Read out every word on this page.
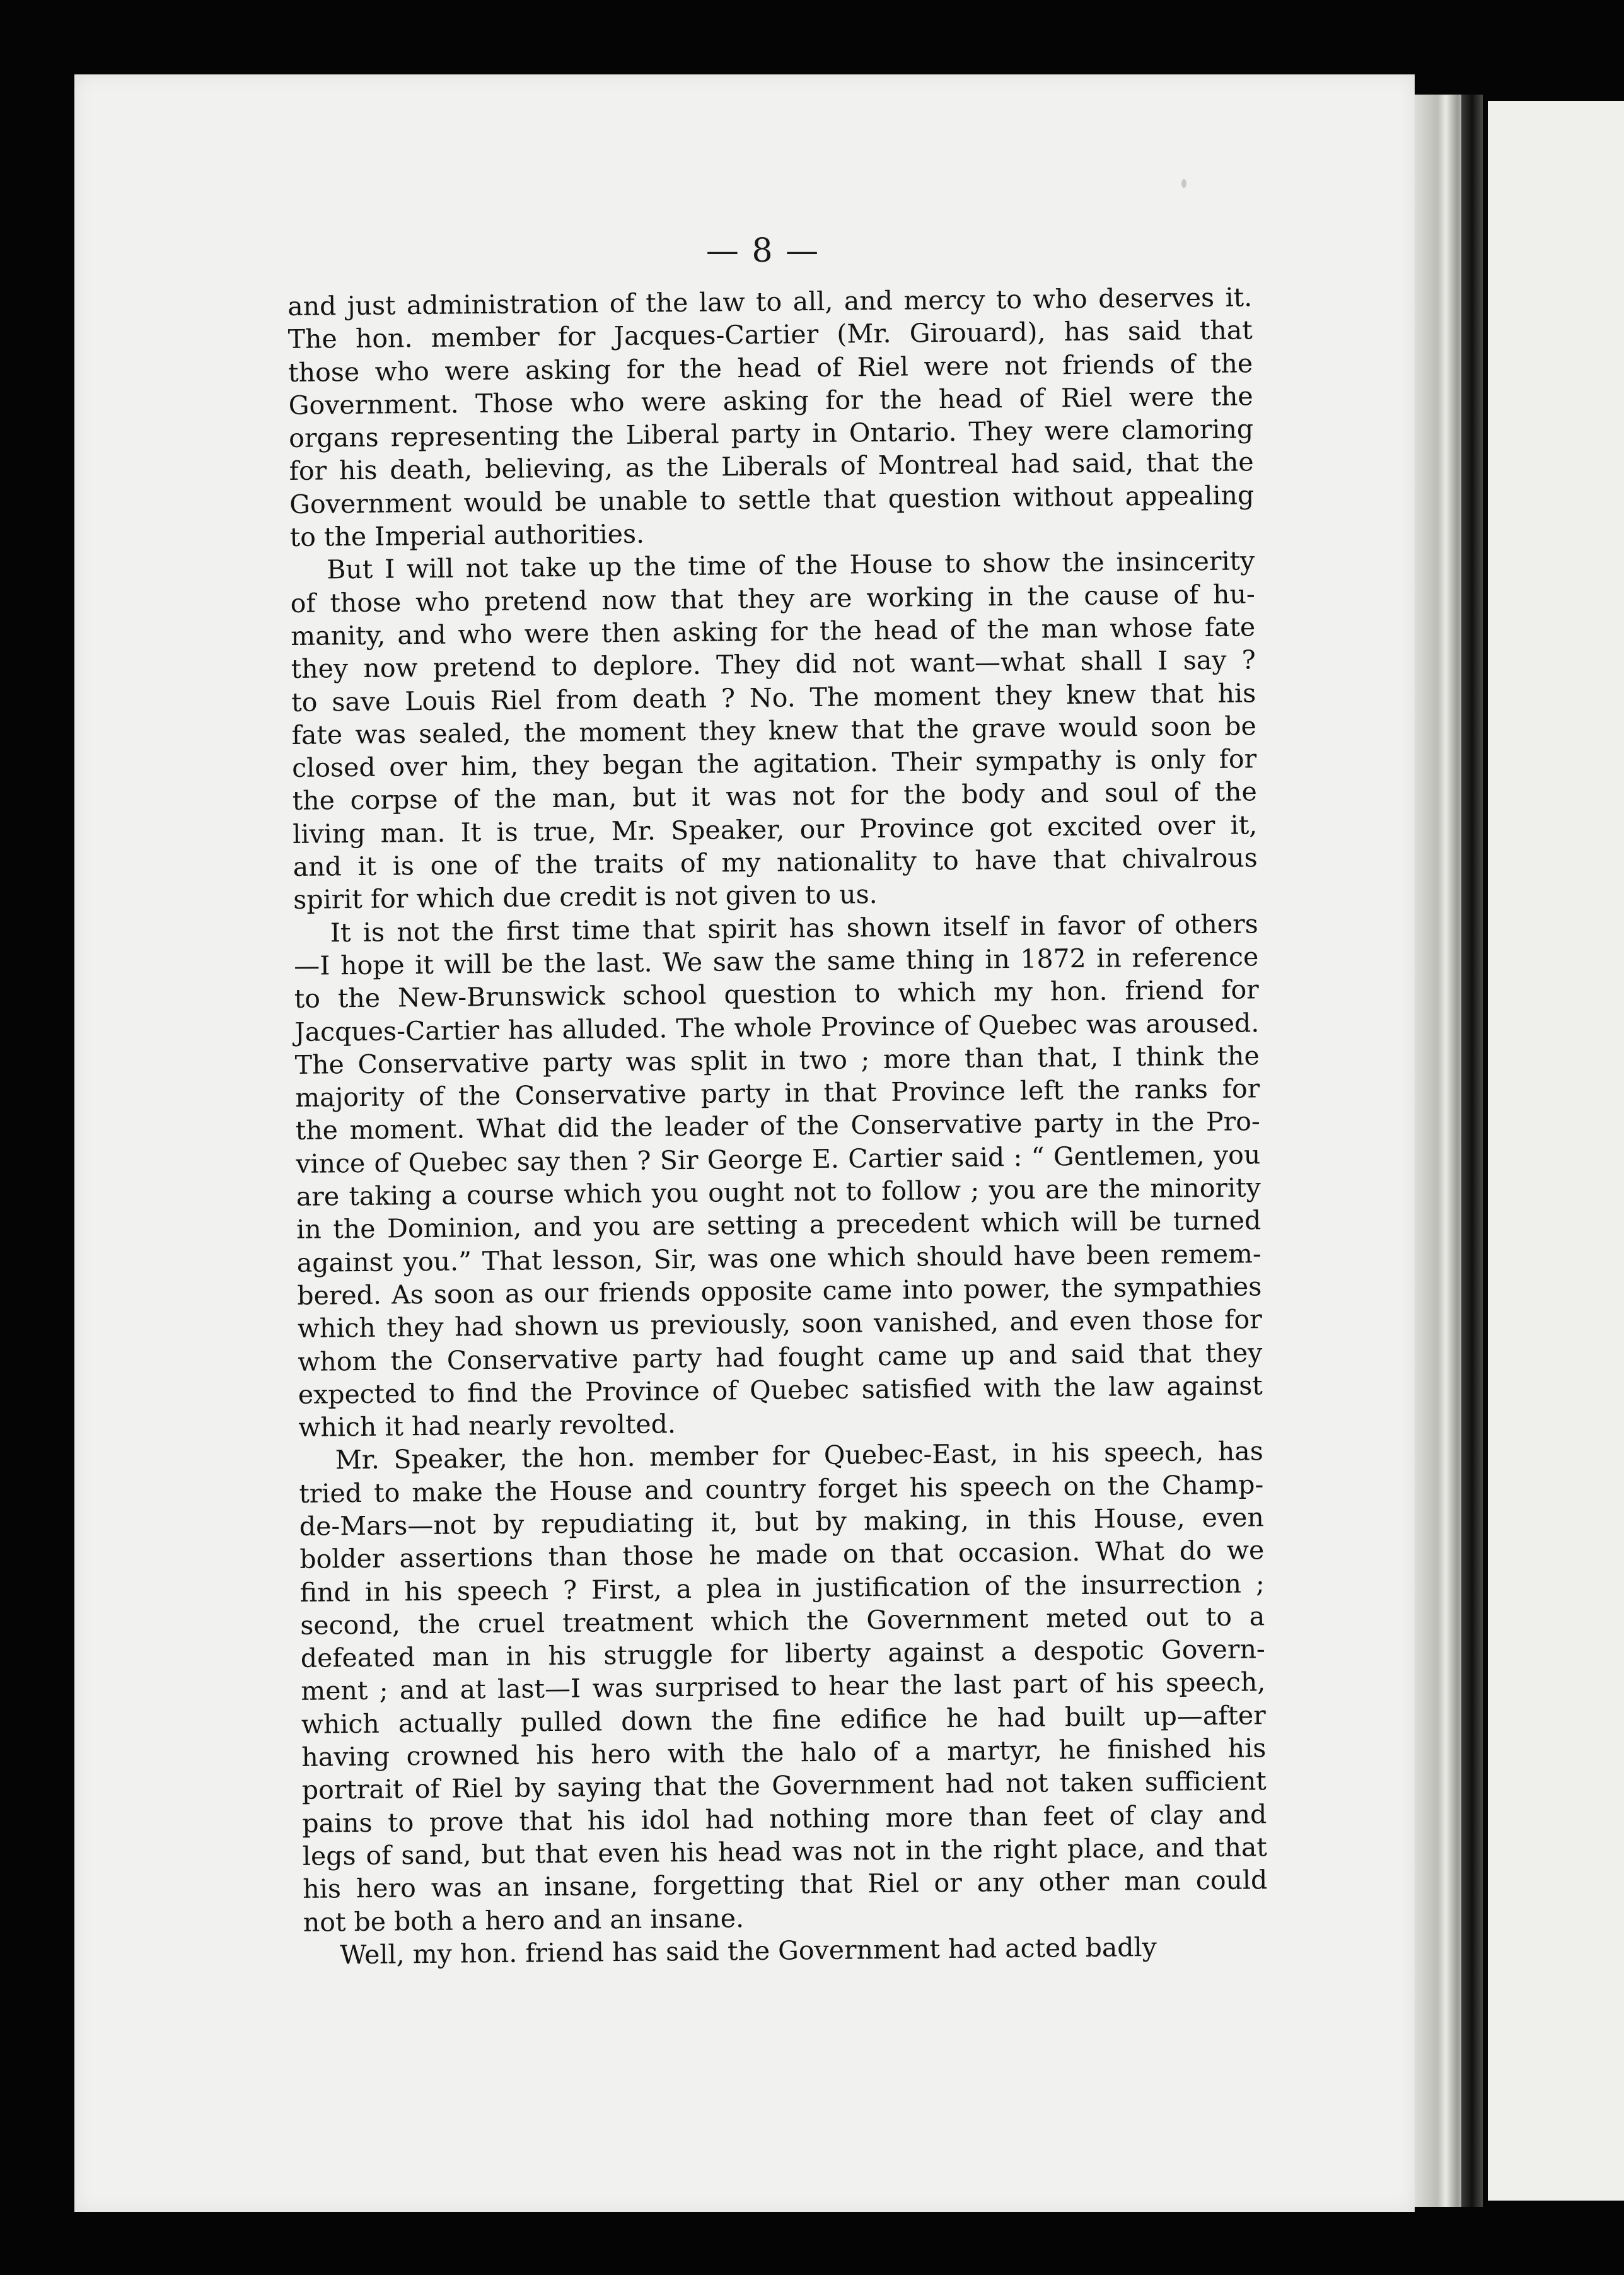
— 8 —
and just administration of the law to all, and mercy to who deserves it.
The hon. member for Jacques-Cartier (Mr. Girouard), has said that
those who were asking for the head of Riel were not friends of the
Government. Those who were asking for the head of Riel were the
organs representing the Liberal party in Ontario. They were clamoring
for his death, believing, as the Liberals of Montreal had said, that the
Government would be unable to settle that question without appealing
to the Imperial authorities.
But I will not take up the time of the House to show the insincerity
of those who pretend now that they are working in the cause of hu-
manity, and who were then asking for the head of the man whose fate
they now pretend to deplore. They did not want—what shall I say ?
to save Louis Riel from death ? No. The moment they knew that his
fate was sealed, the moment they knew that the grave would soon be
closed over him, they began the agitation. Their sympathy is only for
the corpse of the man, but it was not for the body and soul of the
living man. It is true, Mr. Speaker, our Province got excited over it,
and it is one of the traits of my nationality to have that chivalrous
spirit for which due credit is not given to us.
It is not the first time that spirit has shown itself in favor of others
—I hope it will be the last. We saw the same thing in 1872 in reference
to the New-Brunswick school question to which my hon. friend for
Jacques-Cartier has alluded. The whole Province of Quebec was aroused.
The Conservative party was split in two ; more than that, I think the
majority of the Conservative party in that Province left the ranks for
the moment. What did the leader of the Conservative party in the Pro-
vince of Quebec say then ? Sir George E. Cartier said : “ Gentlemen, you
are taking a course which you ought not to follow ; you are the minority
in the Dominion, and you are setting a precedent which will be turned
against you.” That lesson, Sir, was one which should have been remem-
bered. As soon as our friends opposite came into power, the sympathies
which they had shown us previously, soon vanished, and even those for
whom the Conservative party had fought came up and said that they
expected to find the Province of Quebec satisfied with the law against
which it had nearly revolted.
Mr. Speaker, the hon. member for Quebec-East, in his speech, has
tried to make the House and country forget his speech on the Champ-
de-Mars—not by repudiating it, but by making, in this House, even
bolder assertions than those he made on that occasion. What do we
find in his speech ? First, a plea in justification of the insurrection ;
second, the cruel treatment which the Government meted out to a
defeated man in his struggle for liberty against a despotic Govern-
ment ; and at last—I was surprised to hear the last part of his speech,
which actually pulled down the fine edifice he had built up—after
having crowned his hero with the halo of a martyr, he finished his
portrait of Riel by saying that the Government had not taken sufficient
pains to prove that his idol had nothing more than feet of clay and
legs of sand, but that even his head was not in the right place, and that
his hero was an insane, forgetting that Riel or any other man could
not be both a hero and an insane.
Well, my hon. friend has said the Government had acted badly
